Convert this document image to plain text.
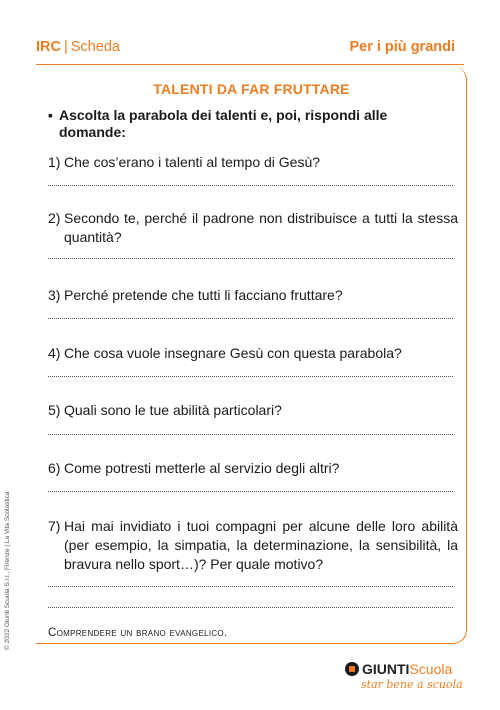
IRC | Scheda	Per i più grandi
TALENTI DA FAR FRUTTARE
▪ Ascolta la parabola dei talenti e, poi, rispondi alle domande:
1) Che cos’erano i talenti al tempo di Gesù?
2) Secondo te, perché il padrone non distribuisce a tutti la stessa quantità?
3) Perché pretende che tutti li facciano fruttare?
4) Che cosa vuole insegnare Gesù con questa parabola?
5) Quali sono le tue abilità particolari?
6) Come potresti metterle al servizio degli altri?
7) Hai mai invidiato i tuoi compagni per alcune delle loro abilità (per esempio, la simpatia, la determinazione, la sensibilità, la bravura nello sport…)? Per quale motivo?
Comprendere un brano evangelico.
© 2022 Giunti Scuola S.r.l., Firenze | La Vita Scolastica
GIUNTI Scuola
star bene a scuola
